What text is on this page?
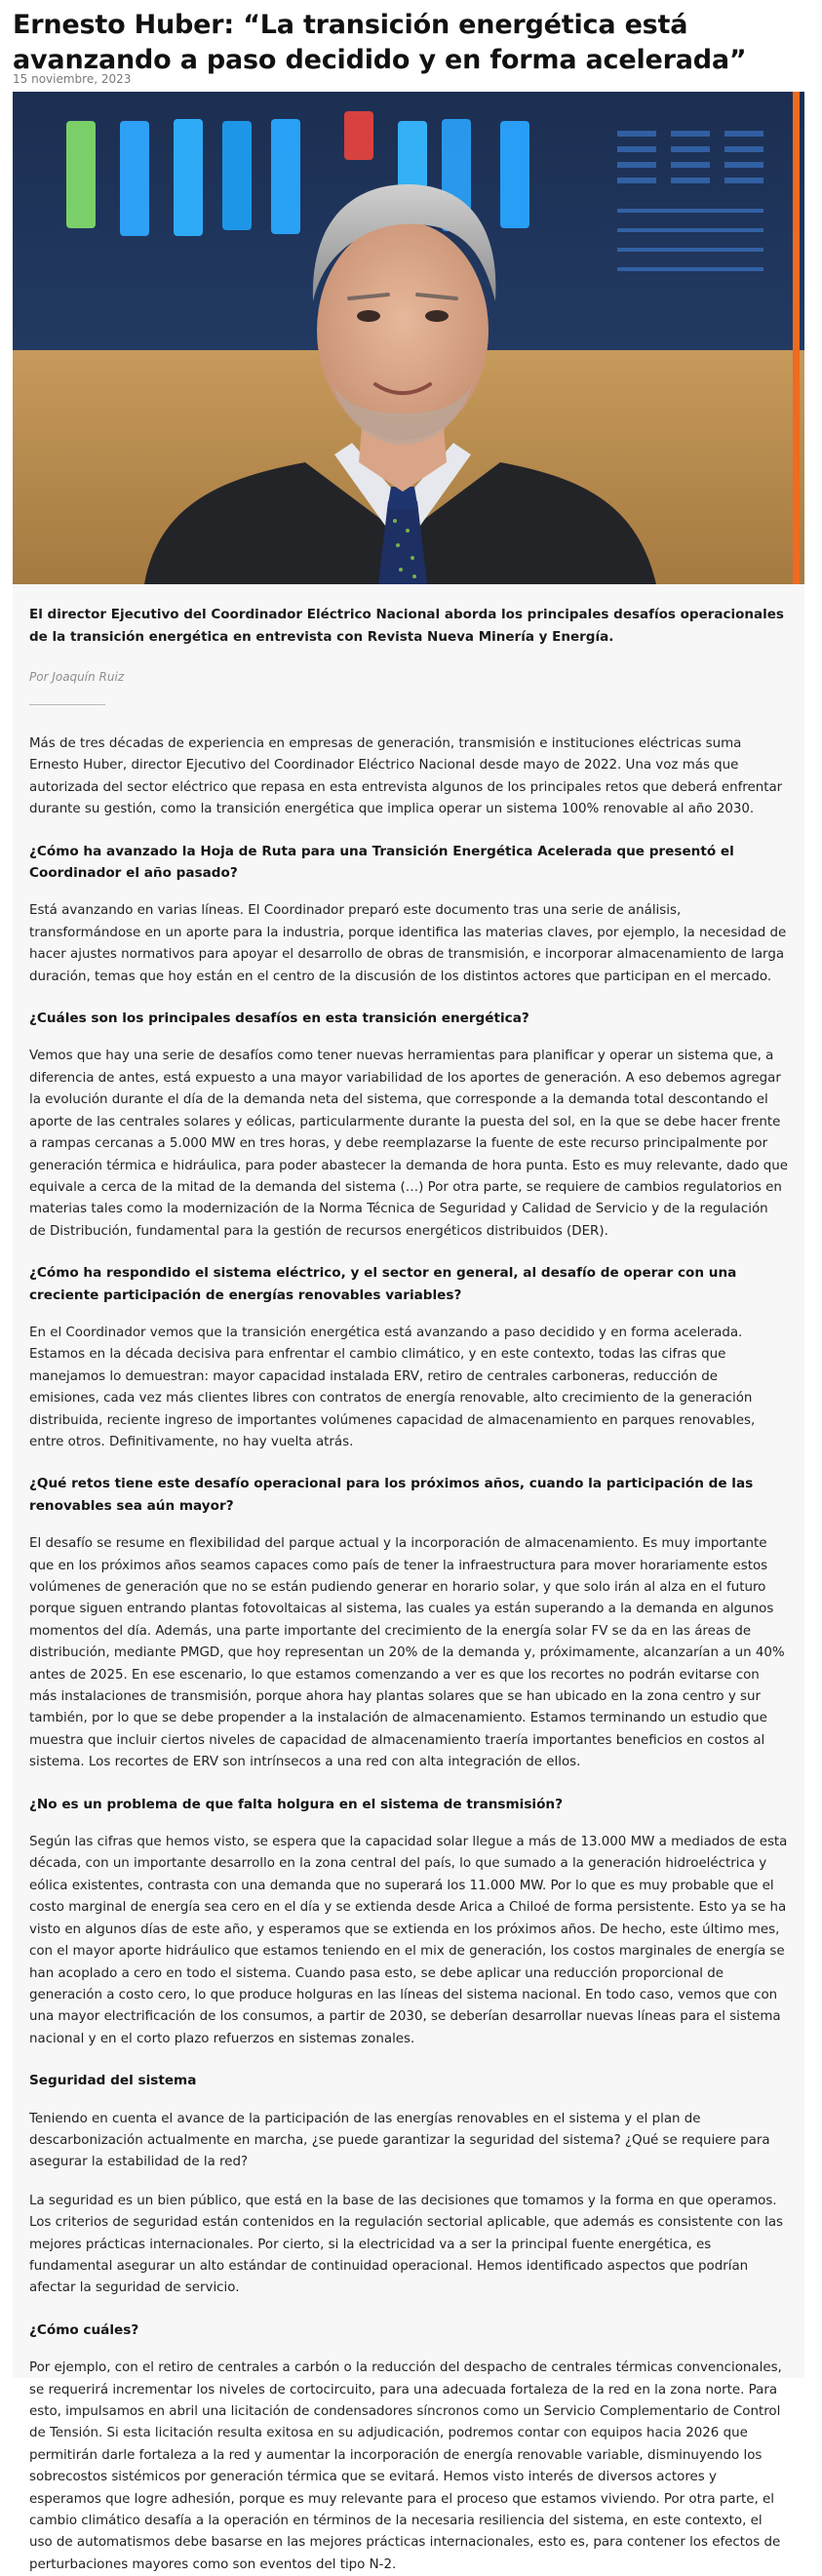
Ernesto Huber: “La transición energética está avanzando a paso decidido y en forma acelerada”
15 noviembre, 2023

El director Ejecutivo del Coordinador Eléctrico Nacional aborda los principales desafíos operacionales de la transición energética en entrevista con Revista Nueva Minería y Energía.

Por Joaquín Ruiz

Más de tres décadas de experiencia en empresas de generación, transmisión e instituciones eléctricas suma Ernesto Huber, director Ejecutivo del Coordinador Eléctrico Nacional desde mayo de 2022. Una voz más que autorizada del sector eléctrico que repasa en esta entrevista algunos de los principales retos que deberá enfrentar durante su gestión, como la transición energética que implica operar un sistema 100% renovable al año 2030.

¿Cómo ha avanzado la Hoja de Ruta para una Transición Energética Acelerada que presentó el Coordinador el año pasado?

Está avanzando en varias líneas. El Coordinador preparó este documento tras una serie de análisis, transformándose en un aporte para la industria, porque identifica las materias claves, por ejemplo, la necesidad de hacer ajustes normativos para apoyar el desarrollo de obras de transmisión, e incorporar almacenamiento de larga duración, temas que hoy están en el centro de la discusión de los distintos actores que participan en el mercado.

¿Cuáles son los principales desafíos en esta transición energética?

Vemos que hay una serie de desafíos como tener nuevas herramientas para planificar y operar un sistema que, a diferencia de antes, está expuesto a una mayor variabilidad de los aportes de generación. A eso debemos agregar la evolución durante el día de la demanda neta del sistema, que corresponde a la demanda total descontando el aporte de las centrales solares y eólicas, particularmente durante la puesta del sol, en la que se debe hacer frente a rampas cercanas a 5.000 MW en tres horas, y debe reemplazarse la fuente de este recurso principalmente por generación térmica e hidráulica, para poder abastecer la demanda de hora punta. Esto es muy relevante, dado que equivale a cerca de la mitad de la demanda del sistema (…) Por otra parte, se requiere de cambios regulatorios en materias tales como la modernización de la Norma Técnica de Seguridad y Calidad de Servicio y de la regulación de Distribución, fundamental para la gestión de recursos energéticos distribuidos (DER).

¿Cómo ha respondido el sistema eléctrico, y el sector en general, al desafío de operar con una creciente participación de energías renovables variables?

En el Coordinador vemos que la transición energética está avanzando a paso decidido y en forma acelerada. Estamos en la década decisiva para enfrentar el cambio climático, y en este contexto, todas las cifras que manejamos lo demuestran: mayor capacidad instalada ERV, retiro de centrales carboneras, reducción de emisiones, cada vez más clientes libres con contratos de energía renovable, alto crecimiento de la generación distribuida, reciente ingreso de importantes volúmenes capacidad de almacenamiento en parques renovables, entre otros. Definitivamente, no hay vuelta atrás.

¿Qué retos tiene este desafío operacional para los próximos años, cuando la participación de las renovables sea aún mayor?

El desafío se resume en flexibilidad del parque actual y la incorporación de almacenamiento. Es muy importante que en los próximos años seamos capaces como país de tener la infraestructura para mover horariamente estos volúmenes de generación que no se están pudiendo generar en horario solar, y que solo irán al alza en el futuro porque siguen entrando plantas fotovoltaicas al sistema, las cuales ya están superando a la demanda en algunos momentos del día. Además, una parte importante del crecimiento de la energía solar FV se da en las áreas de distribución, mediante PMGD, que hoy representan un 20% de la demanda y, próximamente, alcanzarían a un 40% antes de 2025. En ese escenario, lo que estamos comenzando a ver es que los recortes no podrán evitarse con más instalaciones de transmisión, porque ahora hay plantas solares que se han ubicado en la zona centro y sur también, por lo que se debe propender a la instalación de almacenamiento. Estamos terminando un estudio que muestra que incluir ciertos niveles de capacidad de almacenamiento traería importantes beneficios en costos al sistema. Los recortes de ERV son intrínsecos a una red con alta integración de ellos.

¿No es un problema de que falta holgura en el sistema de transmisión?

Según las cifras que hemos visto, se espera que la capacidad solar llegue a más de 13.000 MW a mediados de esta década, con un importante desarrollo en la zona central del país, lo que sumado a la generación hidroeléctrica y eólica existentes, contrasta con una demanda que no superará los 11.000 MW. Por lo que es muy probable que el costo marginal de energía sea cero en el día y se extienda desde Arica a Chiloé de forma persistente. Esto ya se ha visto en algunos días de este año, y esperamos que se extienda en los próximos años. De hecho, este último mes, con el mayor aporte hidráulico que estamos teniendo en el mix de generación, los costos marginales de energía se han acoplado a cero en todo el sistema. Cuando pasa esto, se debe aplicar una reducción proporcional de generación a costo cero, lo que produce holguras en las líneas del sistema nacional. En todo caso, vemos que con una mayor electrificación de los consumos, a partir de 2030, se deberían desarrollar nuevas líneas para el sistema nacional y en el corto plazo refuerzos en sistemas zonales.

Seguridad del sistema

Teniendo en cuenta el avance de la participación de las energías renovables en el sistema y el plan de descarbonización actualmente en marcha, ¿se puede garantizar la seguridad del sistema? ¿Qué se requiere para asegurar la estabilidad de la red?

La seguridad es un bien público, que está en la base de las decisiones que tomamos y la forma en que operamos. Los criterios de seguridad están contenidos en la regulación sectorial aplicable, que además es consistente con las mejores prácticas internacionales. Por cierto, si la electricidad va a ser la principal fuente energética, es fundamental asegurar un alto estándar de continuidad operacional. Hemos identificado aspectos que podrían afectar la seguridad de servicio.

¿Cómo cuáles?

Por ejemplo, con el retiro de centrales a carbón o la reducción del despacho de centrales térmicas convencionales, se requerirá incrementar los niveles de cortocircuito, para una adecuada fortaleza de la red en la zona norte. Para esto, impulsamos en abril una licitación de condensadores síncronos como un Servicio Complementario de Control de Tensión. Si esta licitación resulta exitosa en su adjudicación, podremos contar con equipos hacia 2026 que permitirán darle fortaleza a la red y aumentar la incorporación de energía renovable variable, disminuyendo los sobrecostos sistémicos por generación térmica que se evitará. Hemos visto interés de diversos actores y esperamos que logre adhesión, porque es muy relevante para el proceso que estamos viviendo. Por otra parte, el cambio climático desafía a la operación en términos de la necesaria resiliencia del sistema, en este contexto, el uso de automatismos debe basarse en las mejores prácticas internacionales, esto es, para contener los efectos de perturbaciones mayores como son eventos del tipo N-2.
